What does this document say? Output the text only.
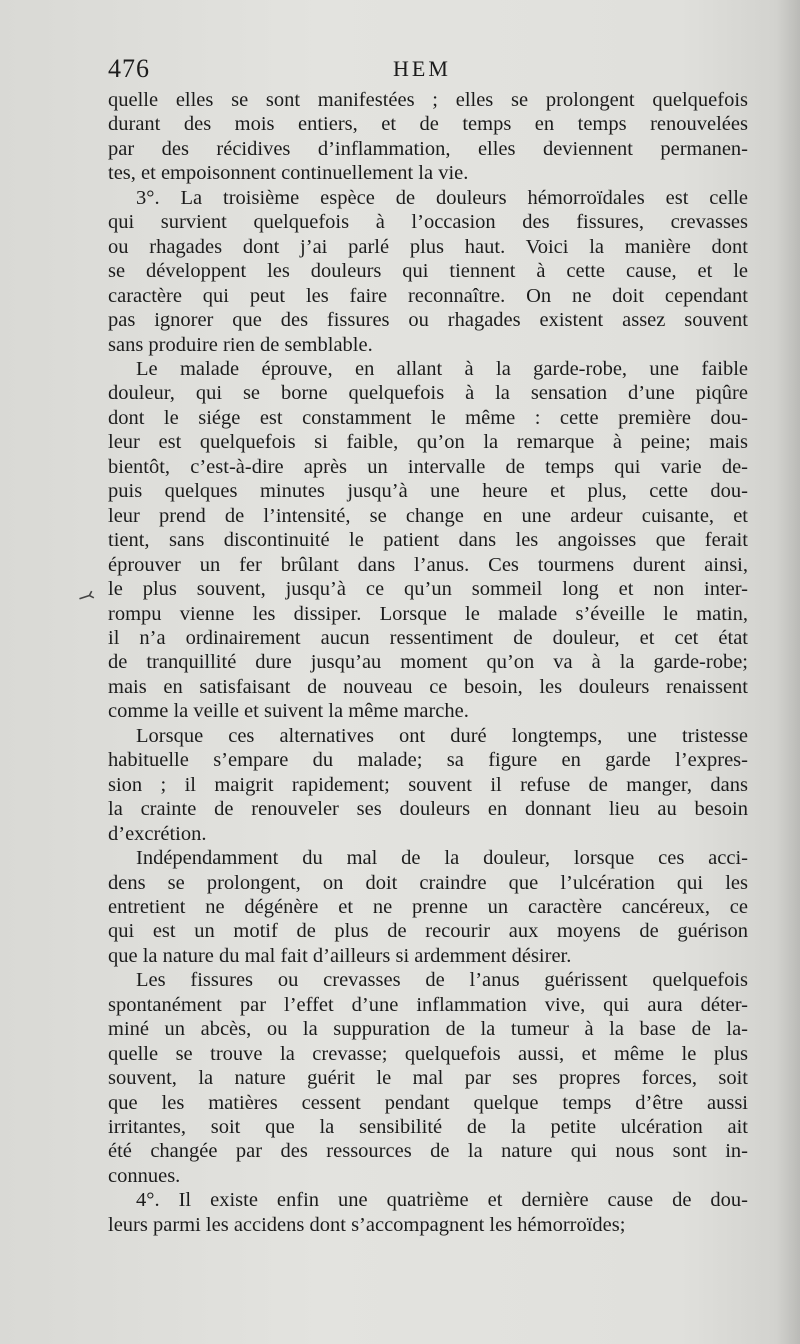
476	HEM
⤙

quelle elles se sont manifestées ; elles se prolongent quelquefois
durant des mois entiers, et de temps en temps renouvelées
par des récidives d’inflammation, elles deviennent permanen-
tes, et empoisonnent continuellement la vie.

3°. La troisième espèce de douleurs hémorroïdales est celle
qui survient quelquefois à l’occasion des fissures, crevasses
ou rhagades dont j’ai parlé plus haut. Voici la manière dont
se développent les douleurs qui tiennent à cette cause, et le
caractère qui peut les faire reconnaître. On ne doit cependant
pas ignorer que des fissures ou rhagades existent assez souvent
sans produire rien de semblable.

Le malade éprouve, en allant à la garde-robe, une faible
douleur, qui se borne quelquefois à la sensation d’une piqûre
dont le siége est constamment le même : cette première dou-
leur est quelquefois si faible, qu’on la remarque à peine; mais
bientôt, c’est-à-dire après un intervalle de temps qui varie de-
puis quelques minutes jusqu’à une heure et plus, cette dou-
leur prend de l’intensité, se change en une ardeur cuisante, et
tient, sans discontinuité le patient dans les angoisses que ferait
éprouver un fer brûlant dans l’anus. Ces tourmens durent ainsi,
le plus souvent, jusqu’à ce qu’un sommeil long et non inter-
rompu vienne les dissiper. Lorsque le malade s’éveille le matin,
il n’a ordinairement aucun ressentiment de douleur, et cet état
de tranquillité dure jusqu’au moment qu’on va à la garde-robe;
mais en satisfaisant de nouveau ce besoin, les douleurs renaissent
comme la veille et suivent la même marche.

Lorsque ces alternatives ont duré longtemps, une tristesse
habituelle s’empare du malade; sa figure en garde l’expres-
sion ; il maigrit rapidement; souvent il refuse de manger, dans
la crainte de renouveler ses douleurs en donnant lieu au besoin
d’excrétion.

Indépendamment du mal de la douleur, lorsque ces acci-
dens se prolongent, on doit craindre que l’ulcération qui les
entretient ne dégénère et ne prenne un caractère cancéreux, ce
qui est un motif de plus de recourir aux moyens de guérison
que la nature du mal fait d’ailleurs si ardemment désirer.

Les fissures ou crevasses de l’anus guérissent quelquefois
spontanément par l’effet d’une inflammation vive, qui aura déter-
miné un abcès, ou la suppuration de la tumeur à la base de la-
quelle se trouve la crevasse; quelquefois aussi, et même le plus
souvent, la nature guérit le mal par ses propres forces, soit
que les matières cessent pendant quelque temps d’être aussi
irritantes, soit que la sensibilité de la petite ulcération ait
été changée par des ressources de la nature qui nous sont in-
connues.

4°. Il existe enfin une quatrième et dernière cause de dou-
leurs parmi les accidens dont s’accompagnent les hémorroïdes;
